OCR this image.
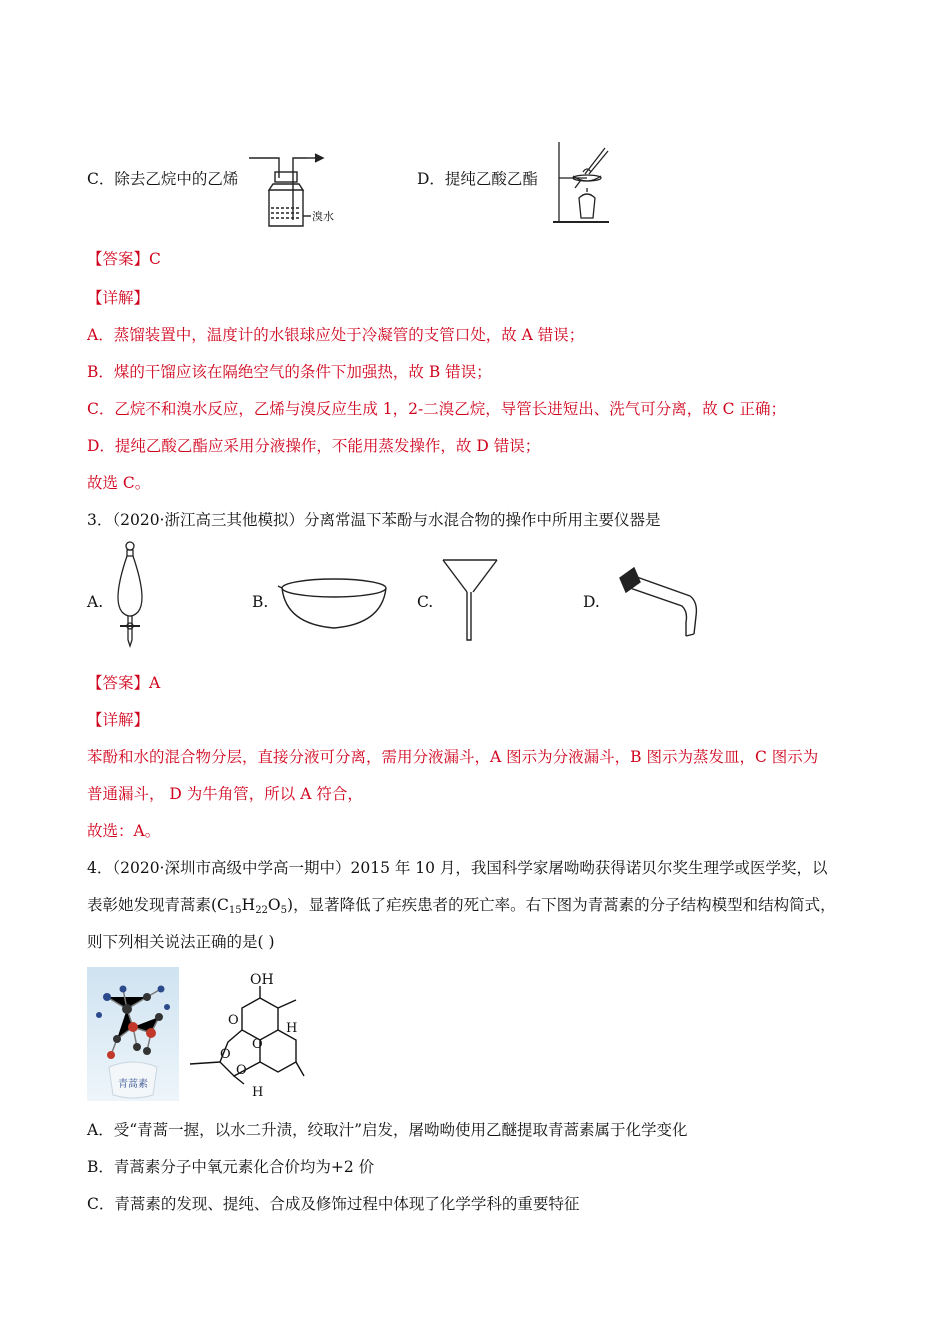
C．除去乙烷中的乙烯
溴水
D．提纯乙酸乙酯
【答案】C
【详解】
A．蒸馏装置中，温度计的水银球应处于冷凝管的支管口处，故 A 错误；
B．煤的干馏应该在隔绝空气的条件下加强热，故 B 错误；
C．乙烷不和溴水反应，乙烯与溴反应生成 1，2-二溴乙烷，导管长进短出、洗气可分离，故 C 正确；
D．提纯乙酸乙酯应采用分液操作，不能用蒸发操作，故 D 错误；
故选 C。
3．（2020·浙江高三其他模拟）分离常温下苯酚与水混合物的操作中所用主要仪器是
A.	B.	C.	D.
【答案】A
【详解】
苯酚和水的混合物分层，直接分液可分离，需用分液漏斗，A 图示为分液漏斗，B 图示为蒸发皿，C 图示为
普通漏斗， D 为牛角管，所以 A 符合，
故选：A。
4．（2020·深圳市高级中学高一期中）2015 年 10 月，我国科学家屠呦呦获得诺贝尔奖生理学或医学奖，以
表彰她发现青蒿素$(C_{15}H_{22}O_5)$，显著降低了疟疾患者的死亡率。右下图为青蒿素的分子结构模型和结构简式，
则下列相关说法正确的是( )
青蒿素
OH
H
H
O
O
O
O
A．受“青蒿一握，以水二升渍，绞取汁”启发，屠呦呦使用乙醚提取青蒿素属于化学变化
B．青蒿素分子中氧元素化合价均为+2 价
C．青蒿素的发现、提纯、合成及修饰过程中体现了化学学科的重要特征
